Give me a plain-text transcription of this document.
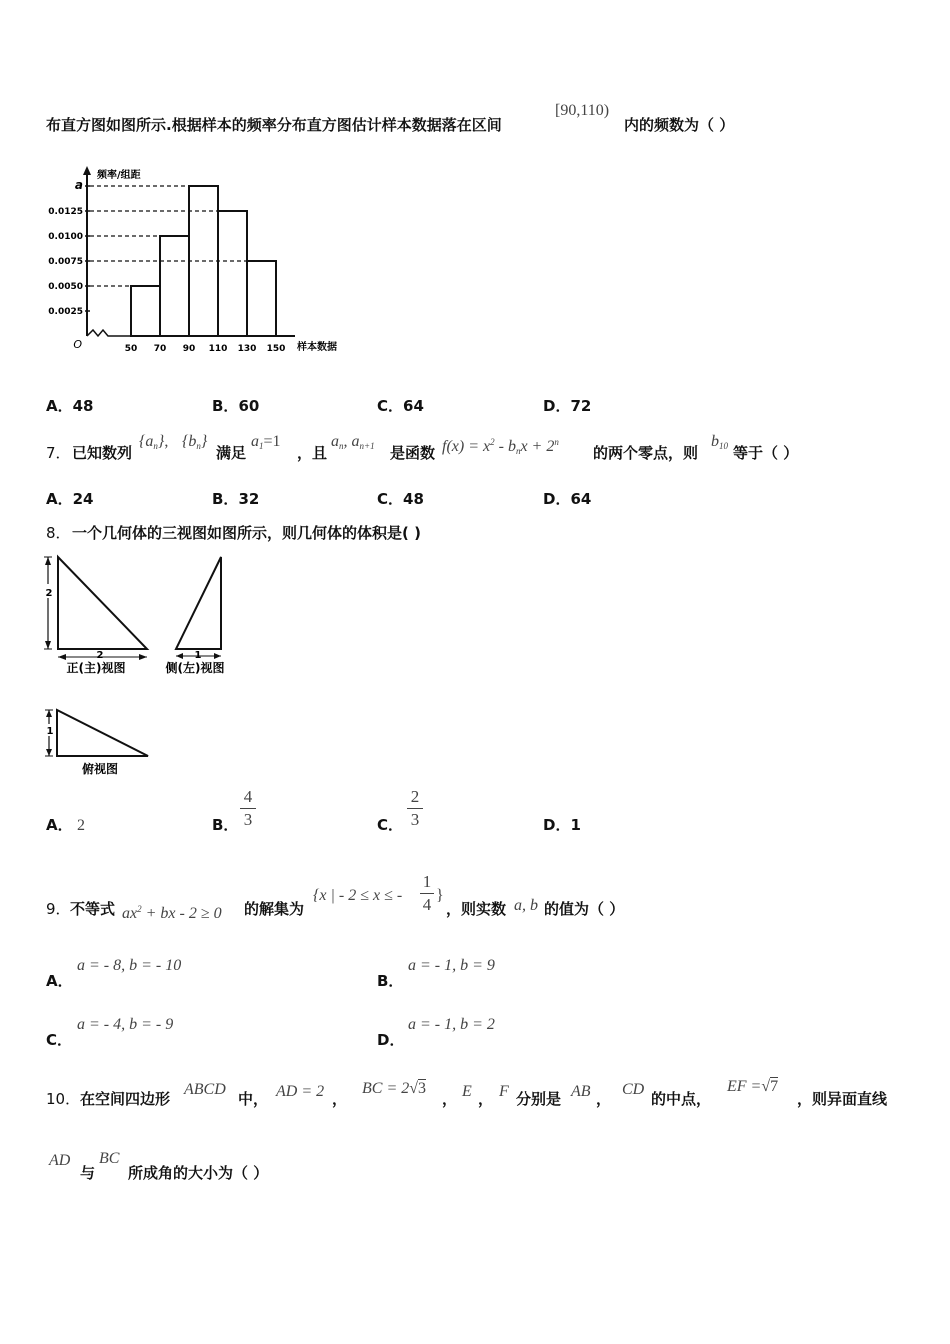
布直方图如图所示.根据样本的频率分布直方图估计样本数据落在区间
[90,110)
内的频数为（ ）
O
频率/组距
样本数据
a
0.0125
0.0100
0.0075
0.0050
0.0025
50 70 90 110 130 150
A．48	B．60	C．64	D．72
7． 已知数列
$\{a_n\}$, $\{b_n\}$
满足
$a_1=1$
，且
$a_n$, $a_{n+1}$ 是函数 $f(x) = x^2 - b_nx + 2^n$
的两个零点，则
$b_{10}$ 等于（ ）
A．24	B．32	C．48	D．64
8． 一个几何体的三视图如图所示，则几何体的体积是( )
2
2
正(主)视图
1
侧(左)视图
1
俯视图
A． 2	B．
4
3	C．
2
3	D．1
9． 不等式 $ax^2$ + bx - 2 ≥ 0 的解集为
{x | - 2 ≤ x ≤ -
1
4 }
，则实数 a, b 的值为（ ）
A．
a = - 8, b = - 10
B．
a = - 1, b = 9
C．
a = - 4, b = - 9
D．
a = - 1, b = 2
10． 在空间四边形
ABCD
中， AD = 2 ，
BC = 2√3
， E ， F 分别是 AB ，
CD
的中点，
EF =√7
，则异面直线
AD
与
BC
所成角的大小为（ ）
